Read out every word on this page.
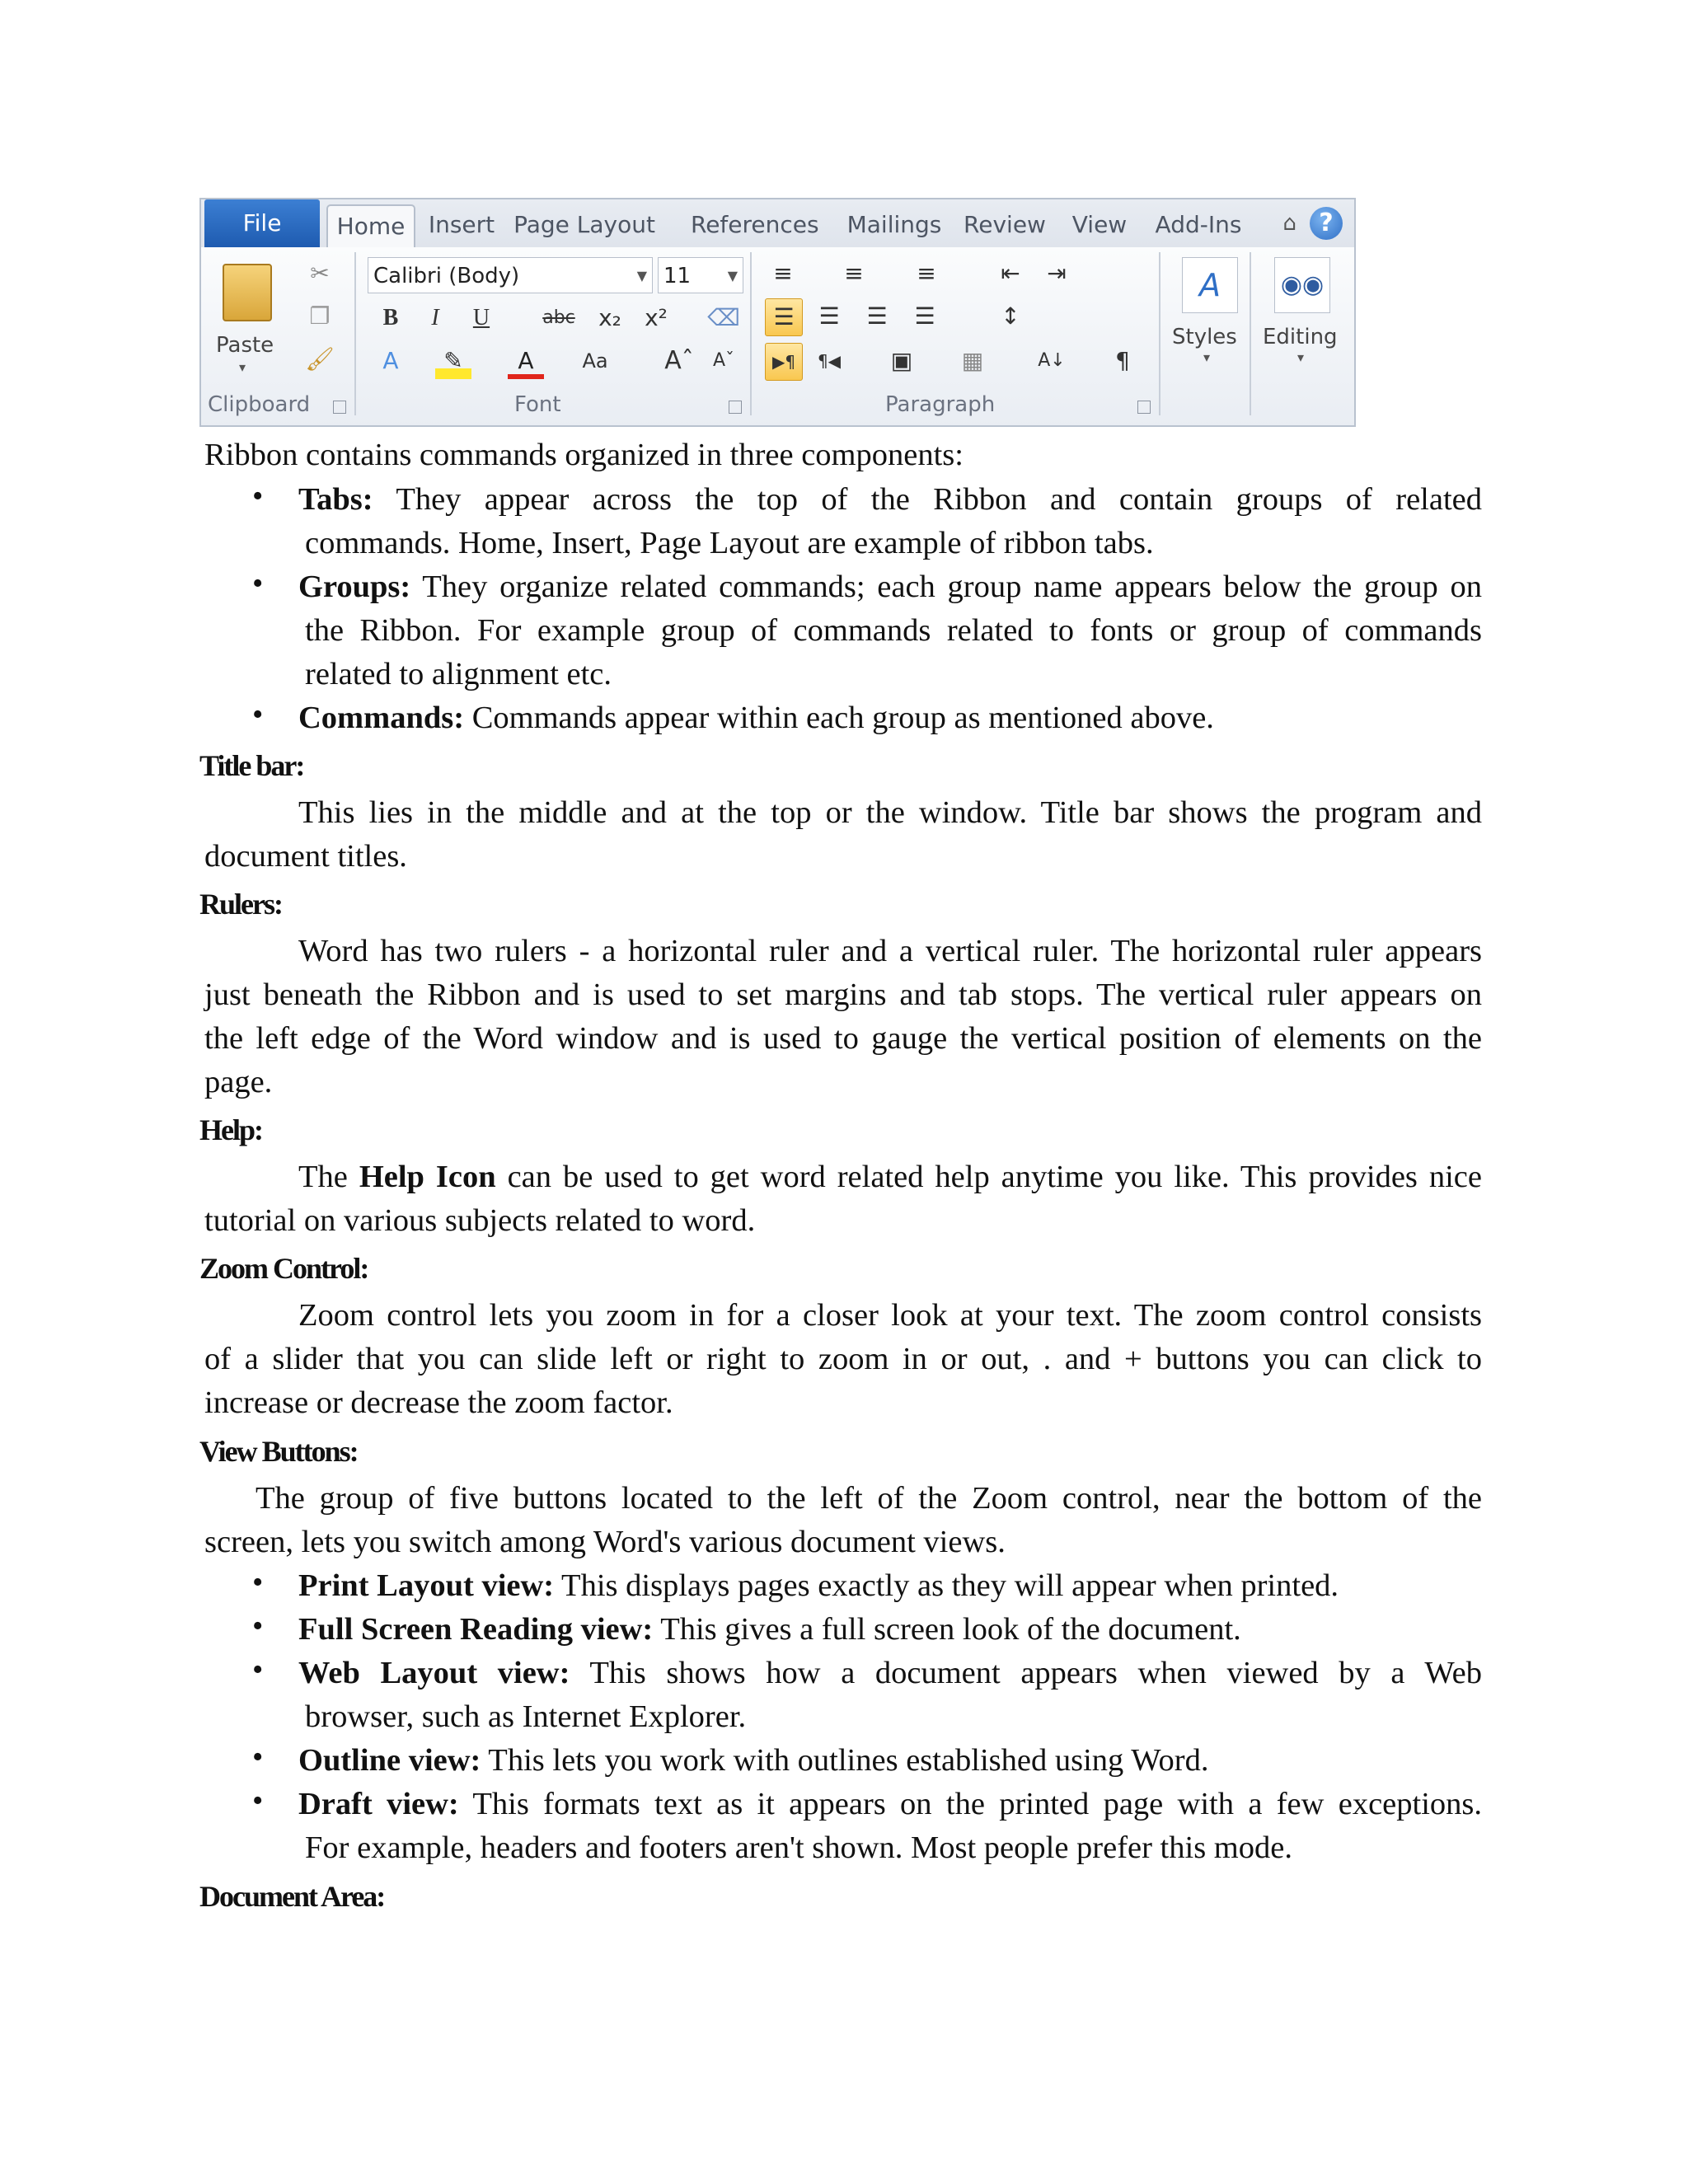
File	Home	Insert Page Layout References Mailings Review View Add-Ins ⌂ ?
Paste
▾
✂
❐
🖌
Clipboard
Calibri (Body)	▼ 11	▼
B	I	U	abc x₂ x² ⌫
A	✎	A	Aa Aˆ	Aˇ
Font
≡	≡	≡	⇤	⇥
☰	☰	☰	☰	↕
▶¶	¶◀	▣	▦	A↓	¶
Paragraph
A
Styles
▾
◉◉
Editing
▾

Ribbon contains commands organized in three components:

• Tabs: They appear across the top of the Ribbon and contain groups of related

commands. Home, Insert, Page Layout are example of ribbon tabs.

• Groups: They organize related commands; each group name appears below the group on

the Ribbon. For example group of commands related to fonts or group of commands

related to alignment etc.

• Commands: Commands appear within each group as mentioned above.

Title bar:

This lies in the middle and at the top or the window. Title bar shows the program and

document titles.

Rulers:

Word has two rulers - a horizontal ruler and a vertical ruler. The horizontal ruler appears

just beneath the Ribbon and is used to set margins and tab stops. The vertical ruler appears on

the left edge of the Word window and is used to gauge the vertical position of elements on the

page.

Help:

The Help Icon can be used to get word related help anytime you like. This provides nice

tutorial on various subjects related to word.

Zoom Control:

Zoom control lets you zoom in for a closer look at your text. The zoom control consists

of a slider that you can slide left or right to zoom in or out, . and + buttons you can click to

increase or decrease the zoom factor.

View Buttons:

The group of five buttons located to the left of the Zoom control, near the bottom of the

screen, lets you switch among Word's various document views.

• Print Layout view: This displays pages exactly as they will appear when printed.

• Full Screen Reading view: This gives a full screen look of the document.

• Web Layout view: This shows how a document appears when viewed by a Web

browser, such as Internet Explorer.

• Outline view: This lets you work with outlines established using Word.

• Draft view: This formats text as it appears on the printed page with a few exceptions.

For example, headers and footers aren't shown. Most people prefer this mode.

Document Area:
